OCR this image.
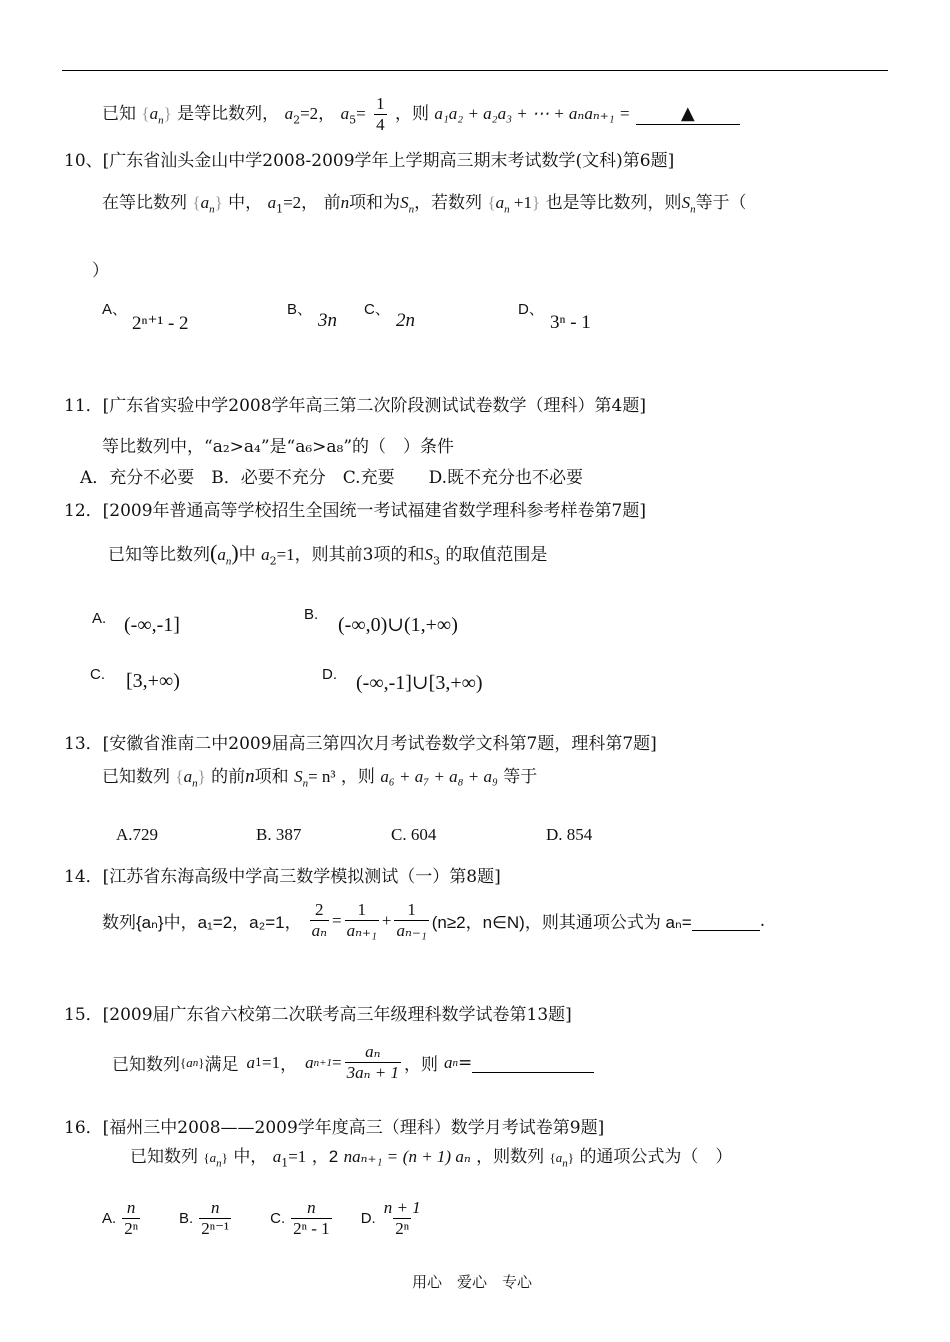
已知 $\{a_n\}$ 是等比数列， $a_2=2$， $a_5= \frac{1}{4}$ ，则 a₁a₂ + a₂a₃ + ⋯ + aₙaₙ₊₁ =	▲
10、[广东省汕头金山中学2008-2009学年上学期高三期末考试数学(文科)第6题]
在等比数列 $\{a_n\}$ 中， $a_1=2$， 前n项和为$S_n$，若数列 $\{a_n +1\}$ 也是等比数列，则$S_n$等于（
）
A、
2ⁿ⁺¹ - 2
B、
3n
C、
2n
D、
3ⁿ - 1
11．[广东省实验中学2008学年高三第二次阶段测试试卷数学（理科）第4题]
等比数列中，“a₂>a₄”是“a₆>a₈”的（　）条件
A．充分不必要　B．必要不充分　C.充要　　D.既不充分也不必要
12．[2009年普通高等学校招生全国统一考试福建省数学理科参考样卷第7题]
已知等比数列$(a_n)$中 $a_2=1$，则其前3项的和$S_3$ 的取值范围是
A. (-∞,-1]	B. (-∞,0)∪(1,+∞)
C. [3,+∞)	D. (-∞,-1]∪[3,+∞)
13．[安徽省淮南二中2009届高三第四次月考试卷数学文科第7题，理科第7题]
已知数列 $\{a_n\}$ 的前n项和 $S_n= n^3$ ，则 a₆ + a₇ + a₈ + a₉ 等于
A.729	B. 387	C. 604	D. 854
14．[江苏省东海高级中学高三数学模拟测试（一）第8题]
数列{aₙ}中，a₁=2，a₂=1， $\frac{2}{\text{aₙ}} = \frac{1}{\text{aₙ₊₁}} + \frac{1}{\text{aₙ₋₁}} (n\ge 2$，n∈N)，则其通项公式为 aₙ=
	.
15．[2009届广东省六校第二次联考高三年级理科数学试卷第13题]
已知数列 { a n } 满足 a 1 =1 ， a $n+1 = \frac{\text{aₙ}}{\text{3aₙ + 1}}$ ，则 a n =

16．[福州三中2008——2009学年度高三（理科）数学月考试卷第9题]
已知数列 $\{a_n\}$ 中， $a_1=1$ ，2 naₙ₊₁ = (n + 1) aₙ ，则数列 $\{a_n\}$ 的通项公式为（　）
A. $\frac{n}{\text{2ⁿ}}$	B. $\frac{n}{\text{2ⁿ⁻¹}}$	C. $\frac{n}{\text{2ⁿ - 1}} D$. $\frac{n + 1}{\text{2ⁿ}}$
用心　爱心　专心
